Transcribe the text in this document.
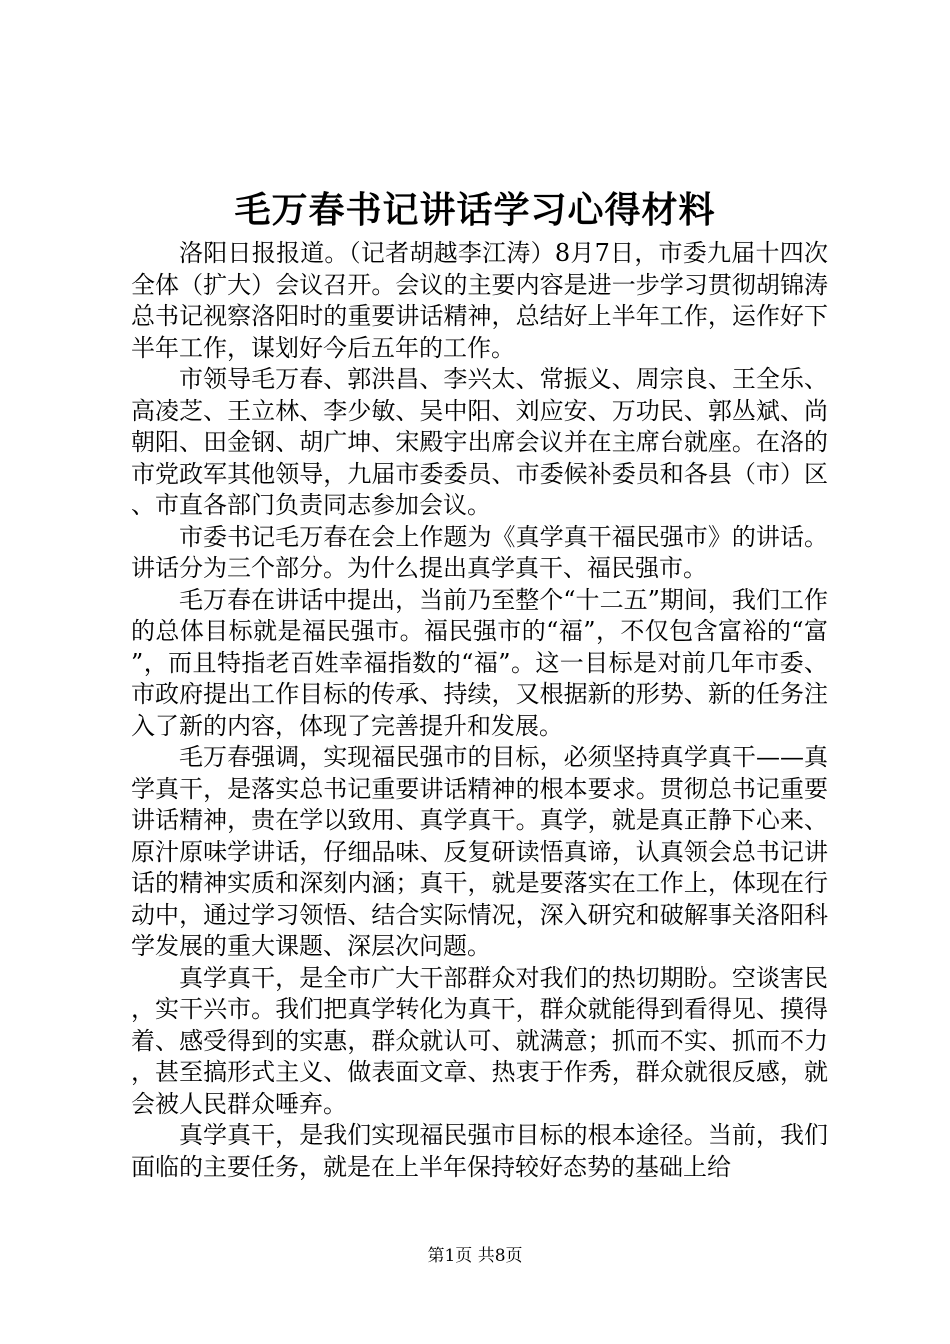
毛万春书记讲话学习心得材料

洛阳日报报道。（记者胡越李江涛）8月7日，市委九届十四次全体（扩大）会议召开。会议的主要内容是进一步学习贯彻胡锦涛总书记视察洛阳时的重要讲话精神，总结好上半年工作，运作好下半年工作，谋划好今后五年的工作。

市领导毛万春、郭洪昌、李兴太、常振义、周宗良、王全乐、高凌芝、王立林、李少敏、吴中阳、刘应安、万功民、郭丛斌、尚朝阳、田金钢、胡广坤、宋殿宇出席会议并在主席台就座。在洛的市党政军其他领导，九届市委委员、市委候补委员和各县（市）区、市直各部门负责同志参加会议。

市委书记毛万春在会上作题为《真学真干福民强市》的讲话。讲话分为三个部分。为什么提出真学真干、福民强市。

毛万春在讲话中提出，当前乃至整个“十二五”期间，我们工作的总体目标就是福民强市。福民强市的“福”，不仅包含富裕的“富”，而且特指老百姓幸福指数的“福”。这一目标是对前几年市委、市政府提出工作目标的传承、持续，又根据新的形势、新的任务注入了新的内容，体现了完善提升和发展。

毛万春强调，实现福民强市的目标，必须坚持真学真干——真学真干，是落实总书记重要讲话精神的根本要求。贯彻总书记重要讲话精神，贵在学以致用、真学真干。真学，就是真正静下心来、原汁原味学讲话，仔细品味、反复研读悟真谛，认真领会总书记讲话的精神实质和深刻内涵；真干，就是要落实在工作上，体现在行动中，通过学习领悟、结合实际情况，深入研究和破解事关洛阳科学发展的重大课题、深层次问题。

真学真干，是全市广大干部群众对我们的热切期盼。空谈害民，实干兴市。我们把真学转化为真干，群众就能得到看得见、摸得着、感受得到的实惠，群众就认可、就满意；抓而不实、抓而不力，甚至搞形式主义、做表面文章、热衷于作秀，群众就很反感，就会被人民群众唾弃。

真学真干，是我们实现福民强市目标的根本途径。当前，我们面临的主要任务，就是在上半年保持较好态势的基础上给

第1页 共8页
